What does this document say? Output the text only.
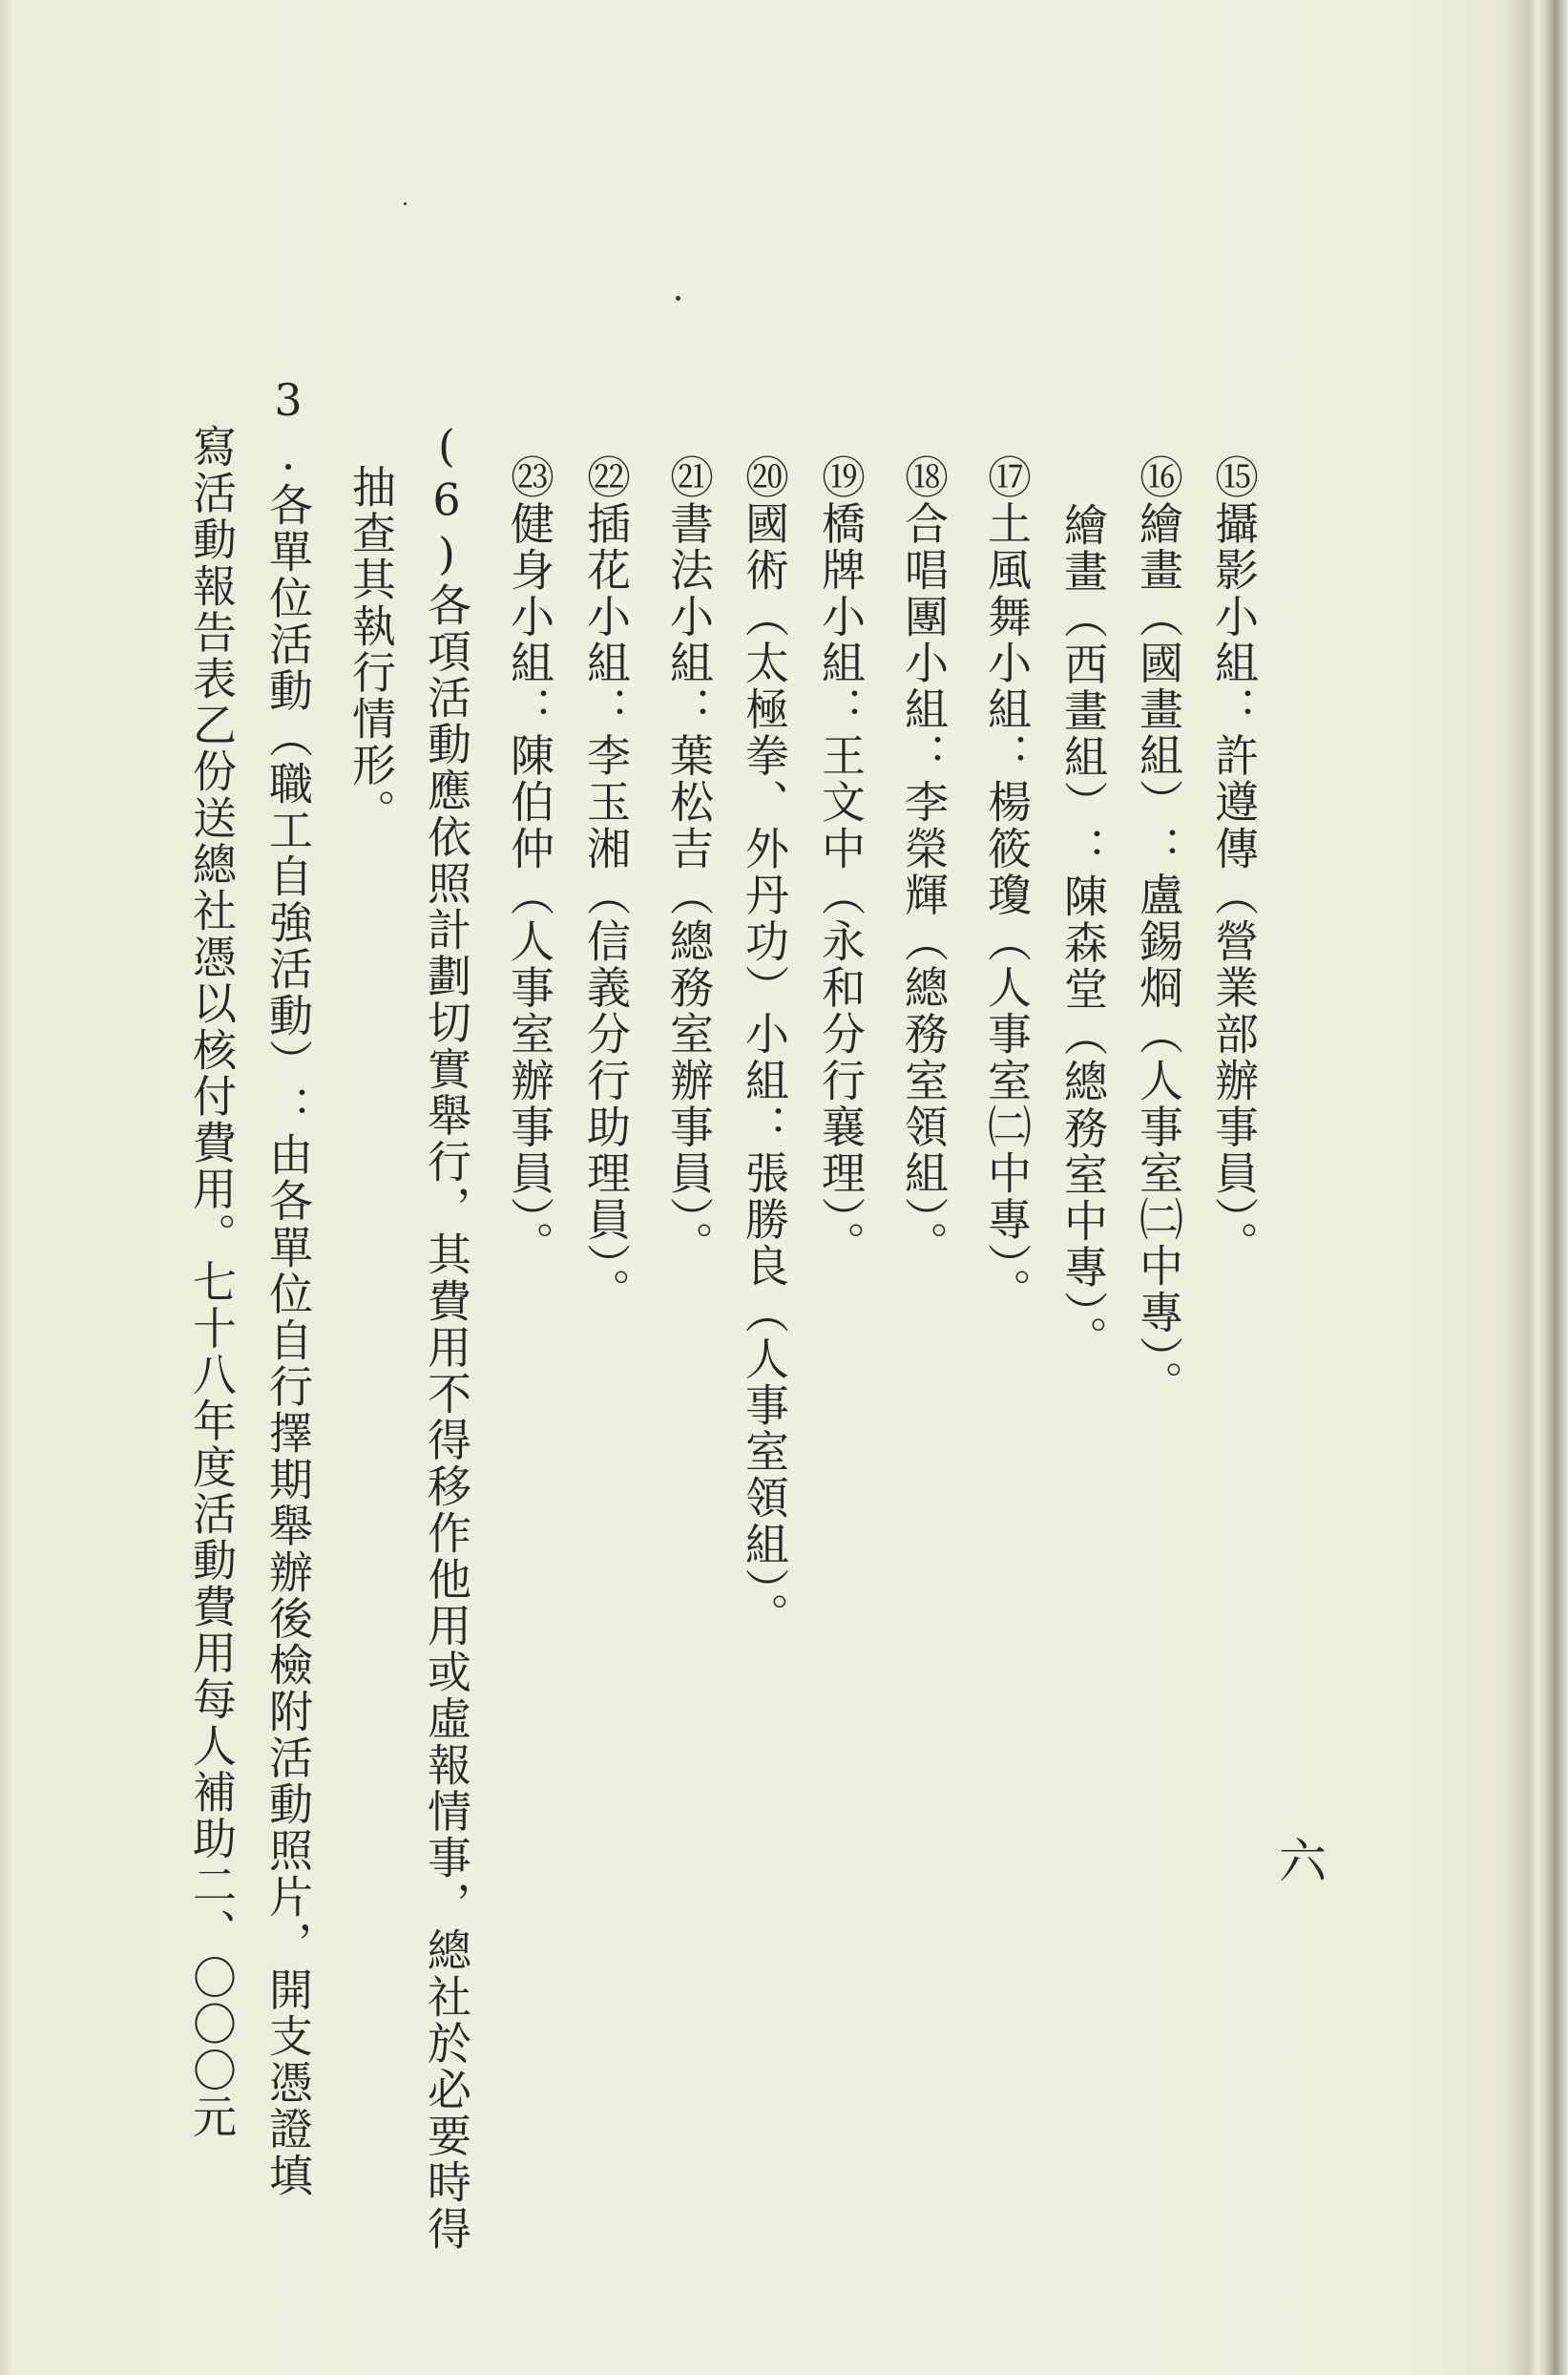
⑮攝影小組：許遵傳（營業部辦事員）。
⑯繪畫（國畫組）：盧錫烱（人事室㈡中專）。
繪畫（西畫組）：陳森堂（總務室中專）。
⑰土風舞小組：楊筱瓊（人事室㈡中專）。
⑱合唱團小組：李榮輝（總務室領組）。
⑲橋牌小組：王文中（永和分行襄理）。
⑳國術（太極拳、外丹功）小組：張勝良（人事室領組）。
㉑書法小組：葉松吉（總務室辦事員）。
㉒插花小組：李玉湘（信義分行助理員）。
㉓健身小組：陳伯仲（人事室辦事員）。
(6)各項活動應依照計劃切實舉行，其費用不得移作他用或虛報情事，總社於必要時得
抽查其執行情形。
3.各單位活動（職工自強活動）：由各單位自行擇期舉辦後檢附活動照片，開支憑證填
寫活動報告表乙份送總社憑以核付費用。七十八年度活動費用每人補助二、〇〇〇元	六
